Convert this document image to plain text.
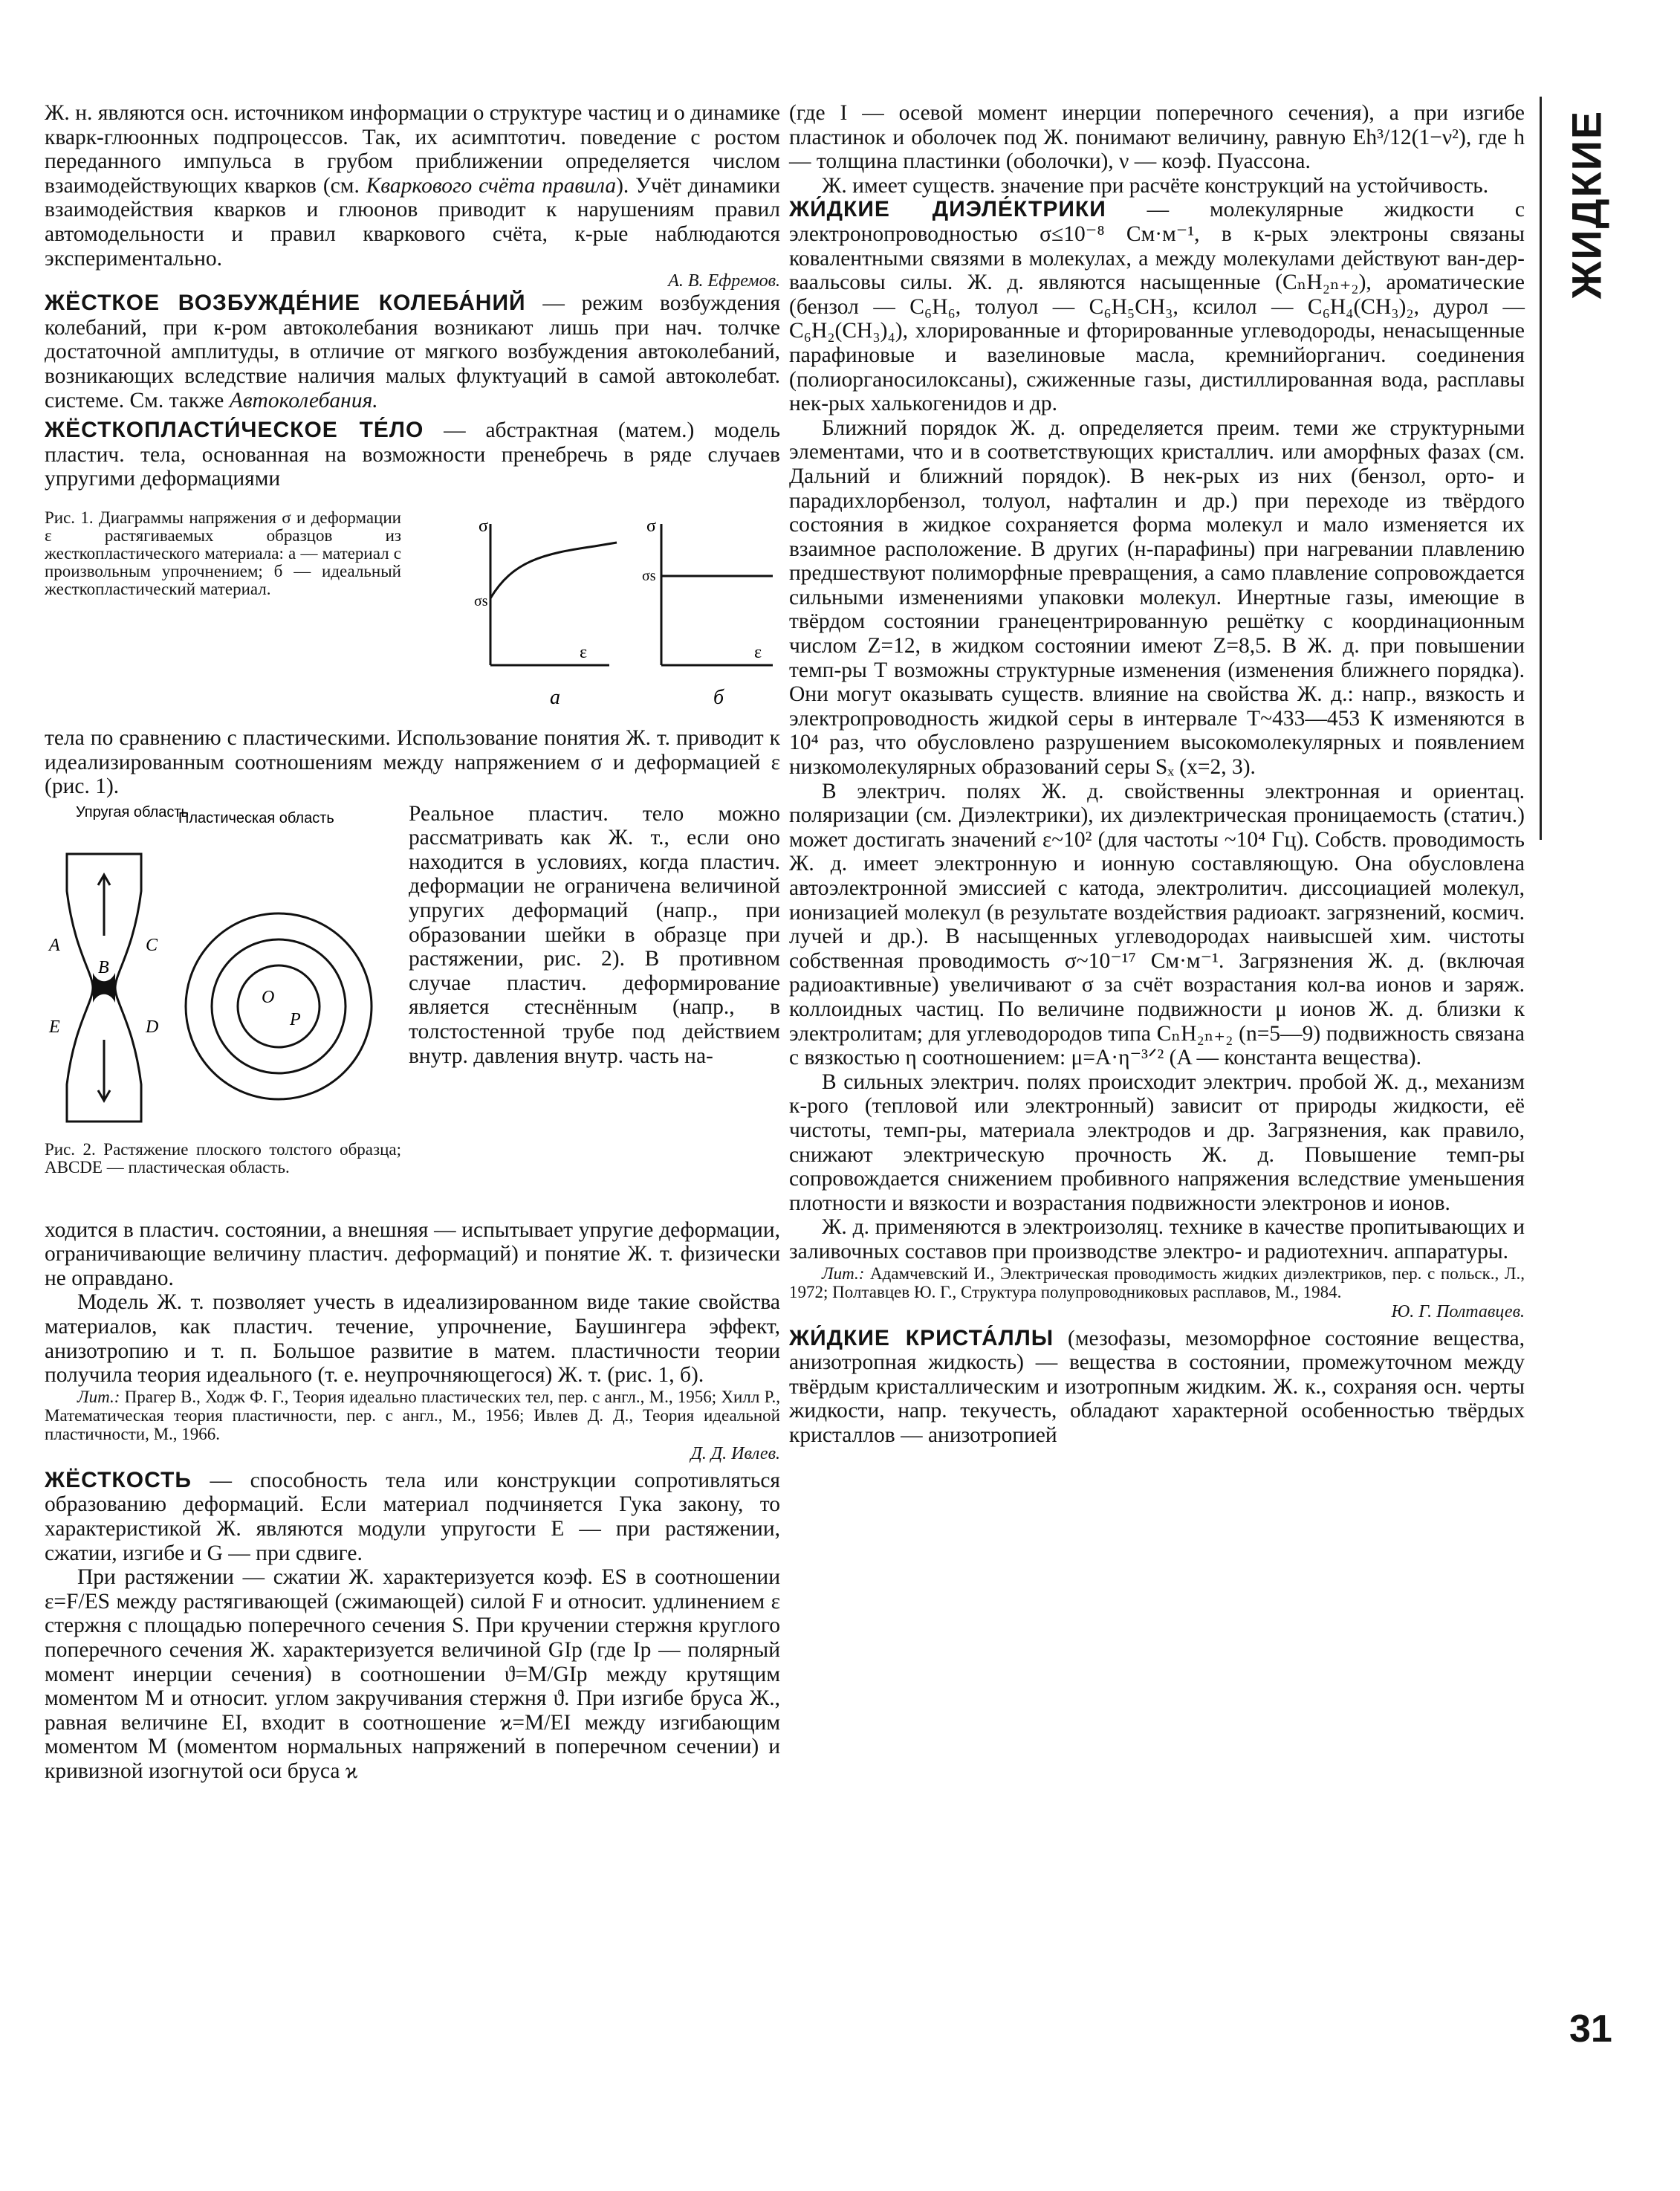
ЖИДКИЕ
31

Ж. н. являются осн. источником информации о структуре частиц и о динамике кварк-глюонных подпроцессов. Так, их асимптотич. поведение с ростом переданного импульса в грубом приближении определяется числом взаимодействующих кварков (см. Кваркового счёта правила). Учёт динамики взаимодействия кварков и глюонов приводит к нарушениям правил автомодельности и правил кваркового счёта, к-рые наблюдаются экспериментально.

А. В. Ефремов.

ЖЁСТКОЕ ВОЗБУЖДЕ́НИЕ КОЛЕБА́НИЙ — режим возбуждения колебаний, при к-ром автоколебания возникают лишь при нач. толчке достаточной амплитуды, в отличие от мягкого возбуждения автоколебаний, возникающих вследствие наличия малых флуктуаций в самой автоколебат. системе. См. также Автоколебания.

ЖЁСТКОПЛАСТИ́ЧЕСКОЕ ТЕ́ЛО — абстрактная (матем.) модель пластич. тела, основанная на возможности пренебречь в ряде случаев упругими деформациями

Рис. 1. Диаграммы напряжения σ и деформации ε растягиваемых образцов из жесткопластического материала: а — материал с произвольным упрочнением; б — идеальный жесткопластический материал.
σ
σs
ε
а
σ
σs
ε
б

тела по сравнению с пластическими. Использование понятия Ж. т. приводит к идеализированным соотношениям между напряжением σ и деформацией ε (рис. 1).

Упругая область
Пластическая область
A
B
C
E	D
O
P
Рис. 2. Растяжение плоского толстого образца; ABCDE — пластическая область.

Реальное пластич. тело можно рассматривать как Ж. т., если оно находится в условиях, когда пластич. деформации не ограничена величиной упругих деформаций (напр., при образовании шейки в образце при растяжении, рис. 2). В противном случае пластич. деформирование является стеснённым (напр., в толстостенной трубе под действием внутр. давления внутр. часть на-

ходится в пластич. состоянии, а внешняя — испытывает упругие деформации, ограничивающие величину пластич. деформаций) и понятие Ж. т. физически не оправдано.

Модель Ж. т. позволяет учесть в идеализированном виде такие свойства материалов, как пластич. течение, упрочнение, Баушингера эффект, анизотропию и т. п. Большое развитие в матем. пластичности теории получила теория идеального (т. е. неупрочняющегося) Ж. т. (рис. 1, б).

Лит.: Прагер В., Ходж Ф. Г., Теория идеально пластических тел, пер. с англ., М., 1956; Хилл Р., Математическая теория пластичности, пер. с англ., М., 1956; Ивлев Д. Д., Теория идеальной пластичности, М., 1966.

Д. Д. Ивлев.

ЖЁСТКОСТЬ — способность тела или конструкции сопротивляться образованию деформаций. Если материал подчиняется Гука закону, то характеристикой Ж. являются модули упругости E — при растяжении, сжатии, изгибе и G — при сдвиге.

При растяжении — сжатии Ж. характеризуется коэф. ES в соотношении ε=F/ES между растягивающей (сжимающей) силой F и относит. удлинением ε стержня с площадью поперечного сечения S. При кручении стержня круглого поперечного сечения Ж. характеризуется величиной GIp (где Ip — полярный момент инерции сечения) в соотношении ϑ=M/GIp между крутящим моментом M и относит. углом закручивания стержня ϑ. При изгибе бруса Ж., равная величине EI, входит в соотношение ϰ=M/EI между изгибающим моментом M (моментом нормальных напряжений в поперечном сечении) и кривизной изогнутой оси бруса ϰ

(где I — осевой момент инерции поперечного сечения), а при изгибе пластинок и оболочек под Ж. понимают величину, равную Eh³/12(1−ν²), где h — толщина пластинки (оболочки), ν — коэф. Пуассона.

Ж. имеет существ. значение при расчёте конструкций на устойчивость.

ЖИ́ДКИЕ ДИЭЛЕ́КТРИКИ — молекулярные жидкости с электронопроводностью σ≤10⁻⁸ См·м⁻¹, в к-рых электроны связаны ковалентными связями в молекулах, а между молекулами действуют ван-дер-ваальсовы силы. Ж. д. являются насыщенные (CₙH₂ₙ₊₂), ароматические (бензол — C₆H₆, толуол — C₆H₅CH₃, ксилол — C₆H₄(CH₃)₂, дурол — C₆H₂(CH₃)₄), хлорированные и фторированные углеводороды, ненасыщенные парафиновые и вазелиновые масла, кремнийорганич. соединения (полиорганосилоксаны), сжиженные газы, дистиллированная вода, расплавы нек-рых халькогенидов и др.

Ближний порядок Ж. д. определяется преим. теми же структурными элементами, что и в соответствующих кристаллич. или аморфных фазах (см. Дальний и ближний порядок). В нек-рых из них (бензол, орто- и парадихлорбензол, толуол, нафталин и др.) при переходе из твёрдого состояния в жидкое сохраняется форма молекул и мало изменяется их взаимное расположение. В других (н-парафины) при нагревании плавлению предшествуют полиморфные превращения, а само плавление сопровождается сильными изменениями упаковки молекул. Инертные газы, имеющие в твёрдом состоянии гранецентрированную решётку с координационным числом Z=12, в жидком состоянии имеют Z=8,5. В Ж. д. при повышении темп-ры T возможны структурные изменения (изменения ближнего порядка). Они могут оказывать существ. влияние на свойства Ж. д.: напр., вязкость и электропроводность жидкой серы в интервале T~433—453 К изменяются в 10⁴ раз, что обусловлено разрушением высокомолекулярных и появлением низкомолекулярных образований серы Sₓ (x=2, 3).

В электрич. полях Ж. д. свойственны электронная и ориентац. поляризации (см. Диэлектрики), их диэлектрическая проницаемость (статич.) может достигать значений ε~10² (для частоты ~10⁴ Гц). Собств. проводимость Ж. д. имеет электронную и ионную составляющую. Она обусловлена автоэлектронной эмиссией с катода, электролитич. диссоциацией молекул, ионизацией молекул (в результате воздействия радиоакт. загрязнений, космич. лучей и др.). В насыщенных углеводородах наивысшей хим. чистоты собственная проводимость σ~10⁻¹⁷ См·м⁻¹. Загрязнения Ж. д. (включая радиоактивные) увеличивают σ за счёт возрастания кол-ва ионов и заряж. коллоидных частиц. По величине подвижности μ ионов Ж. д. близки к электролитам; для углеводородов типа CₙH₂ₙ₊₂ (n=5—9) подвижность связана с вязкостью η соотношением: μ=A·η⁻³ᐟ² (A — константа вещества).

В сильных электрич. полях происходит электрич. пробой Ж. д., механизм к-рого (тепловой или электронный) зависит от природы жидкости, её чистоты, темп-ры, материала электродов и др. Загрязнения, как правило, снижают электрическую прочность Ж. д. Повышение темп-ры сопровождается снижением пробивного напряжения вследствие уменьшения плотности и вязкости и возрастания подвижности электронов и ионов.

Ж. д. применяются в электроизоляц. технике в качестве пропитывающих и заливочных составов при производстве электро- и радиотехнич. аппаратуры.

Лит.: Адамчевский И., Электрическая проводимость жидких диэлектриков, пер. с польск., Л., 1972; Полтавцев Ю. Г., Структура полупроводниковых расплавов, М., 1984.

Ю. Г. Полтавцев.

ЖИ́ДКИЕ КРИСТА́ЛЛЫ (мезофазы, мезоморфное состояние вещества, анизотропная жидкость) — вещества в состоянии, промежуточном между твёрдым кристаллическим и изотропным жидким. Ж. к., сохраняя осн. черты жидкости, напр. текучесть, обладают характерной особенностью твёрдых кристаллов — анизотропией
